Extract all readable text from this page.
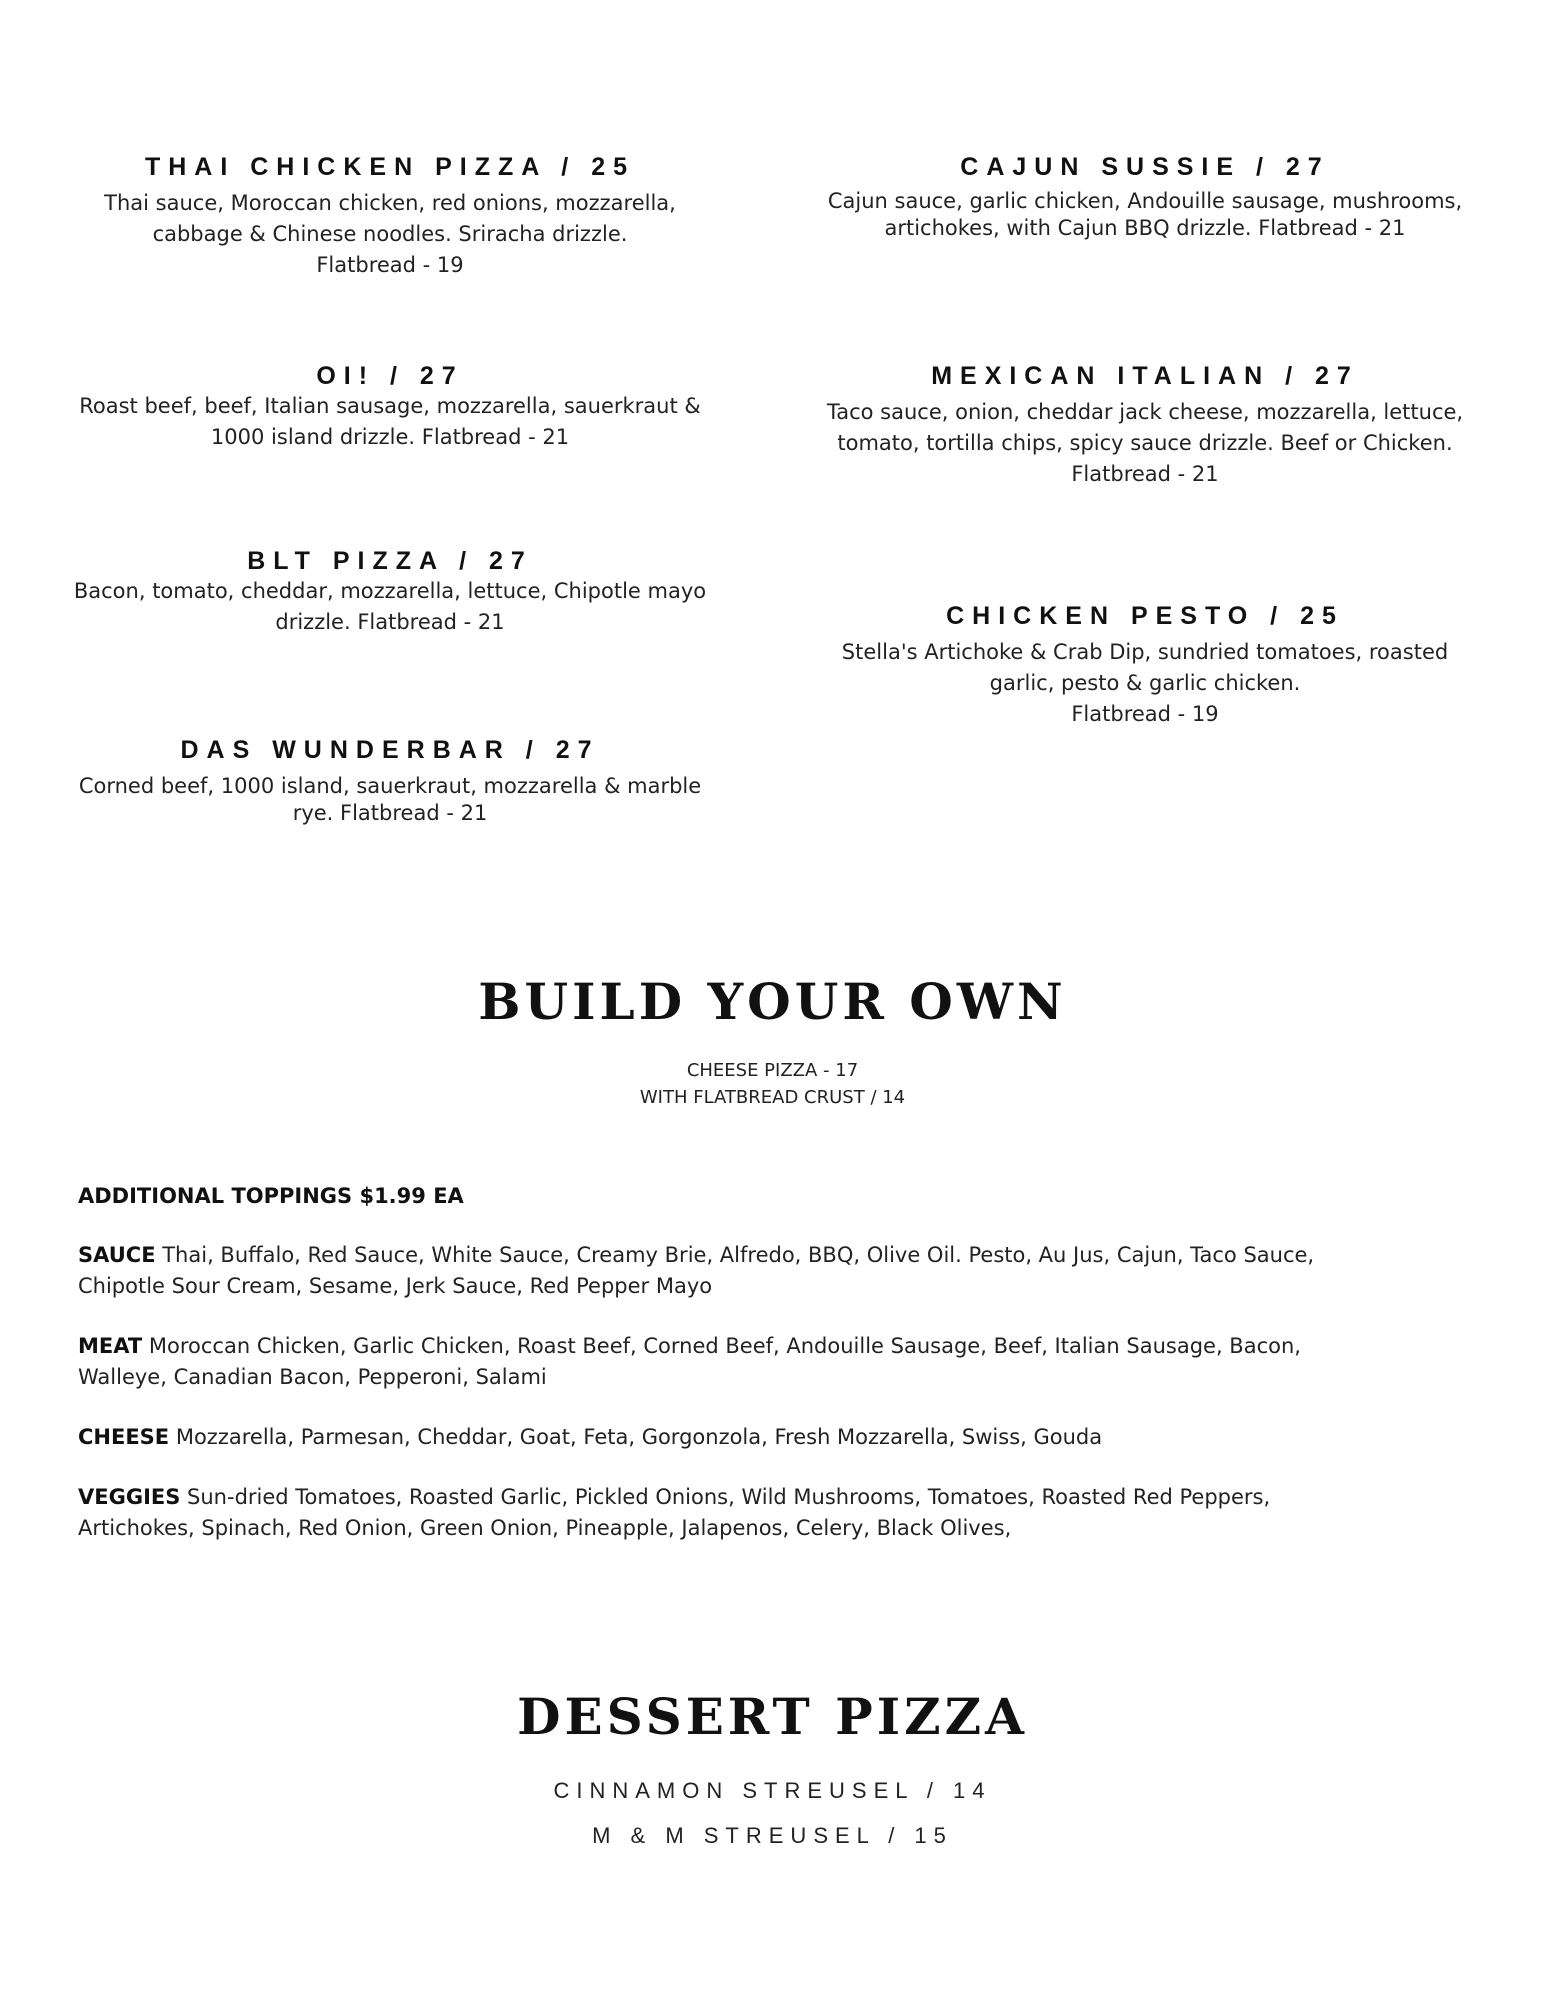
THAI CHICKEN PIZZA / 25

Thai sauce, Moroccan chicken, red onions, mozzarella,
cabbage & Chinese noodles. Sriracha drizzle.
Flatbread - 19

OI! / 27

Roast beef, beef, Italian sausage, mozzarella, sauerkraut &
1000 island drizzle. Flatbread - 21

BLT PIZZA / 27

Bacon, tomato, cheddar, mozzarella, lettuce, Chipotle mayo
drizzle. Flatbread - 21

DAS WUNDERBAR / 27

Corned beef, 1000 island, sauerkraut, mozzarella & marble
rye. Flatbread - 21

CAJUN SUSSIE / 27

Cajun sauce, garlic chicken, Andouille sausage, mushrooms,
artichokes, with Cajun BBQ drizzle. Flatbread - 21

MEXICAN ITALIAN / 27

Taco sauce, onion, cheddar jack cheese, mozzarella, lettuce,
tomato, tortilla chips, spicy sauce drizzle. Beef or Chicken.
Flatbread - 21

CHICKEN PESTO / 25

Stella's Artichoke & Crab Dip, sundried tomatoes, roasted
garlic, pesto & garlic chicken.
Flatbread - 19

BUILD YOUR OWN
CHEESE PIZZA - 17
WITH FLATBREAD CRUST / 14

ADDITIONAL TOPPINGS $1.99 EA

SAUCE Thai, Buffalo, Red Sauce, White Sauce, Creamy Brie, Alfredo, BBQ, Olive Oil. Pesto, Au Jus, Cajun, Taco Sauce,
Chipotle Sour Cream, Sesame, Jerk Sauce, Red Pepper Mayo

MEAT Moroccan Chicken, Garlic Chicken, Roast Beef, Corned Beef, Andouille Sausage, Beef, Italian Sausage, Bacon,
Walleye, Canadian Bacon, Pepperoni, Salami

CHEESE Mozzarella, Parmesan, Cheddar, Goat, Feta, Gorgonzola, Fresh Mozzarella, Swiss, Gouda

VEGGIES Sun-dried Tomatoes, Roasted Garlic, Pickled Onions, Wild Mushrooms, Tomatoes, Roasted Red Peppers,
Artichokes, Spinach, Red Onion, Green Onion, Pineapple, Jalapenos, Celery, Black Olives,

DESSERT PIZZA
CINNAMON STREUSEL / 14
M & M STREUSEL / 15
